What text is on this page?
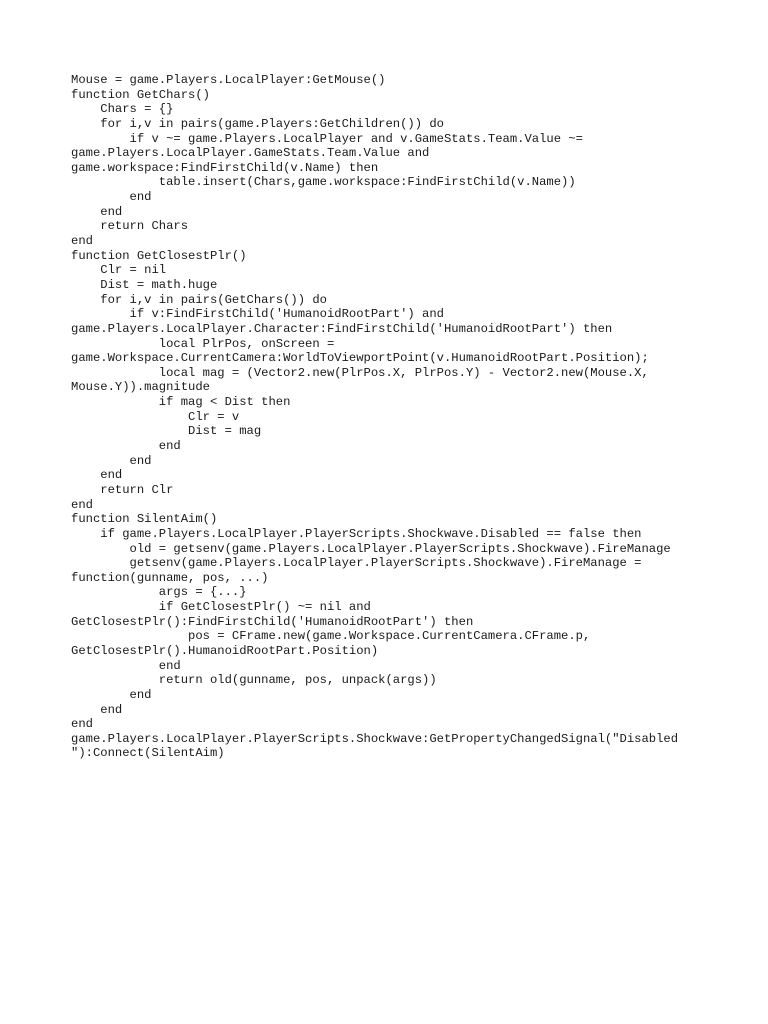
Mouse = game.Players.LocalPlayer:GetMouse()
function GetChars()
Chars = {}
for i,v in pairs(game.Players:GetChildren()) do
if v ~= game.Players.LocalPlayer and v.GameStats.Team.Value ~=
game.Players.LocalPlayer.GameStats.Team.Value and
game.workspace:FindFirstChild(v.Name) then
table.insert(Chars,game.workspace:FindFirstChild(v.Name))
end
end
return Chars
end
function GetClosestPlr()
Clr = nil
Dist = math.huge
for i,v in pairs(GetChars()) do
if v:FindFirstChild('HumanoidRootPart') and
game.Players.LocalPlayer.Character:FindFirstChild('HumanoidRootPart') then
local PlrPos, onScreen =
game.Workspace.CurrentCamera:WorldToViewportPoint(v.HumanoidRootPart.Position);
local mag = (Vector2.new(PlrPos.X, PlrPos.Y) - Vector2.new(Mouse.X,
Mouse.Y)).magnitude
if mag < Dist then
Clr = v
Dist = mag
end
end
end
return Clr
end
function SilentAim()
if game.Players.LocalPlayer.PlayerScripts.Shockwave.Disabled == false then
old = getsenv(game.Players.LocalPlayer.PlayerScripts.Shockwave).FireManage
getsenv(game.Players.LocalPlayer.PlayerScripts.Shockwave).FireManage =
function(gunname, pos, ...)
args = {...}
if GetClosestPlr() ~= nil and
GetClosestPlr():FindFirstChild('HumanoidRootPart') then
pos = CFrame.new(game.Workspace.CurrentCamera.CFrame.p,
GetClosestPlr().HumanoidRootPart.Position)
end
return old(gunname, pos, unpack(args))
end
end
end
game.Players.LocalPlayer.PlayerScripts.Shockwave:GetPropertyChangedSignal("Disabled
"):Connect(SilentAim)
